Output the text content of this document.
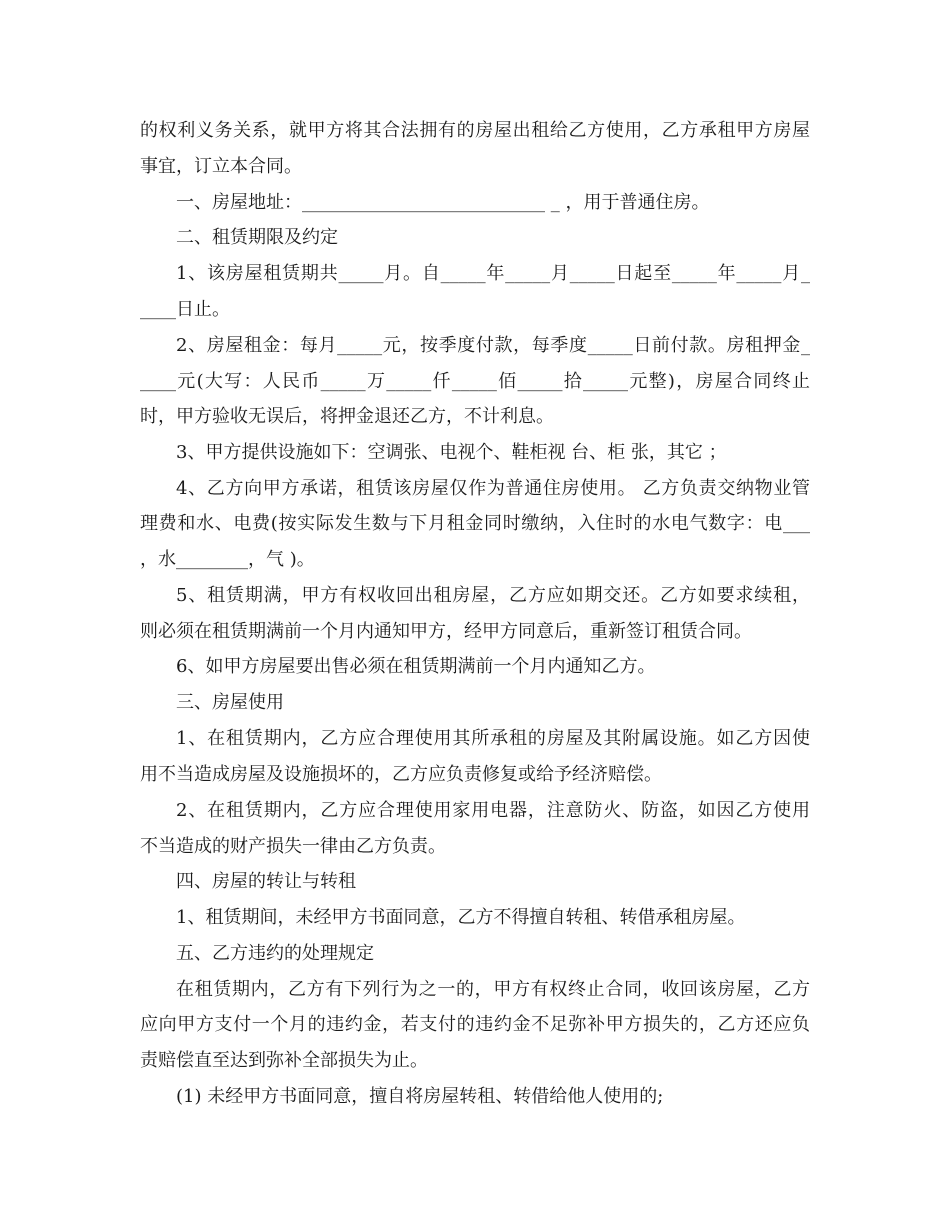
的权利义务关系，就甲方将其合法拥有的房屋出租给乙方使用，乙方承租甲方房屋
事宜，订立本合同。
一、房屋地址：___________________________ _ ，用于普通住房。
二、租赁期限及约定
1、该房屋租赁期共_____月。自_____年_____月_____日起至_____年_____月_
____日止。
2、房屋租金：每月_____元，按季度付款，每季度_____日前付款。房租押金_
____元(大写：人民币_____万_____仟_____佰_____拾_____元整)，房屋合同终止
时，甲方验收无误后，将押金退还乙方，不计利息。
3、甲方提供设施如下：空调张、电视个、鞋柜视 台、柜 张，其它 ；
4、乙方向甲方承诺，租赁该房屋仅作为普通住房使用。 乙方负责交纳物业管
理费和水、电费(按实际发生数与下月租金同时缴纳，入住时的水电气数字：电___
，水________，气 )。
5、租赁期满，甲方有权收回出租房屋，乙方应如期交还。乙方如要求续租，
则必须在租赁期满前一个月内通知甲方，经甲方同意后，重新签订租赁合同。
6、如甲方房屋要出售必须在租赁期满前一个月内通知乙方。
三、房屋使用
1、在租赁期内，乙方应合理使用其所承租的房屋及其附属设施。如乙方因使
用不当造成房屋及设施损坏的，乙方应负责修复或给予经济赔偿。
2、在租赁期内，乙方应合理使用家用电器，注意防火、防盗，如因乙方使用
不当造成的财产损失一律由乙方负责。
四、房屋的转让与转租
1、租赁期间，未经甲方书面同意，乙方不得擅自转租、转借承租房屋。
五、乙方违约的处理规定
在租赁期内，乙方有下列行为之一的，甲方有权终止合同，收回该房屋，乙方
应向甲方支付一个月的违约金，若支付的违约金不足弥补甲方损失的，乙方还应负
责赔偿直至达到弥补全部损失为止。
(1) 未经甲方书面同意，擅自将房屋转租、转借给他人使用的;
